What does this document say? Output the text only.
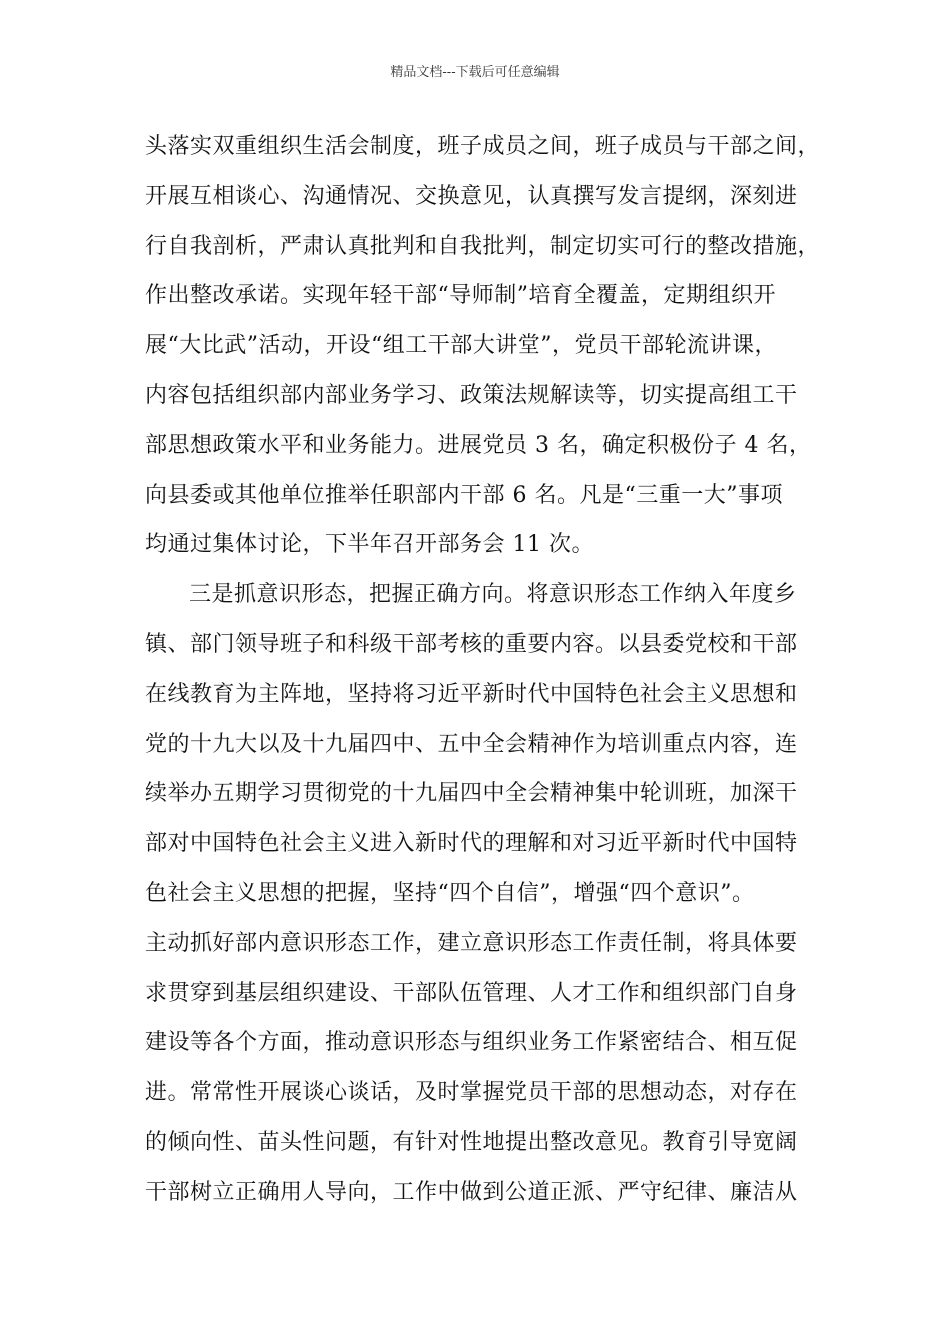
精品文档---下载后可任意编辑
头落实双重组织生活会制度，班子成员之间，班子成员与干部之间，
开展互相谈心、沟通情况、交换意见，认真撰写发言提纲，深刻进
行自我剖析，严肃认真批判和自我批判，制定切实可行的整改措施，
作出整改承诺。实现年轻干部“导师制”培育全覆盖，定期组织开
展“大比武”活动，开设“组工干部大讲堂”，党员干部轮流讲课，
内容包括组织部内部业务学习、政策法规解读等，切实提高组工干
部思想政策水平和业务能力。进展党员 3 名，确定积极份子 4 名，
向县委或其他单位推举任职部内干部 6 名。凡是“三重一大”事项
均通过集体讨论，下半年召开部务会 11 次。
三是抓意识形态，把握正确方向。将意识形态工作纳入年度乡
镇、部门领导班子和科级干部考核的重要内容。以县委党校和干部
在线教育为主阵地，坚持将习近平新时代中国特色社会主义思想和
党的十九大以及十九届四中、五中全会精神作为培训重点内容，连
续举办五期学习贯彻党的十九届四中全会精神集中轮训班，加深干
部对中国特色社会主义进入新时代的理解和对习近平新时代中国特
色社会主义思想的把握，坚持“四个自信”，增强“四个意识”。
主动抓好部内意识形态工作，建立意识形态工作责任制，将具体要
求贯穿到基层组织建设、干部队伍管理、人才工作和组织部门自身
建设等各个方面，推动意识形态与组织业务工作紧密结合、相互促
进。常常性开展谈心谈话，及时掌握党员干部的思想动态，对存在
的倾向性、苗头性问题，有针对性地提出整改意见。教育引导宽阔
干部树立正确用人导向，工作中做到公道正派、严守纪律、廉洁从
